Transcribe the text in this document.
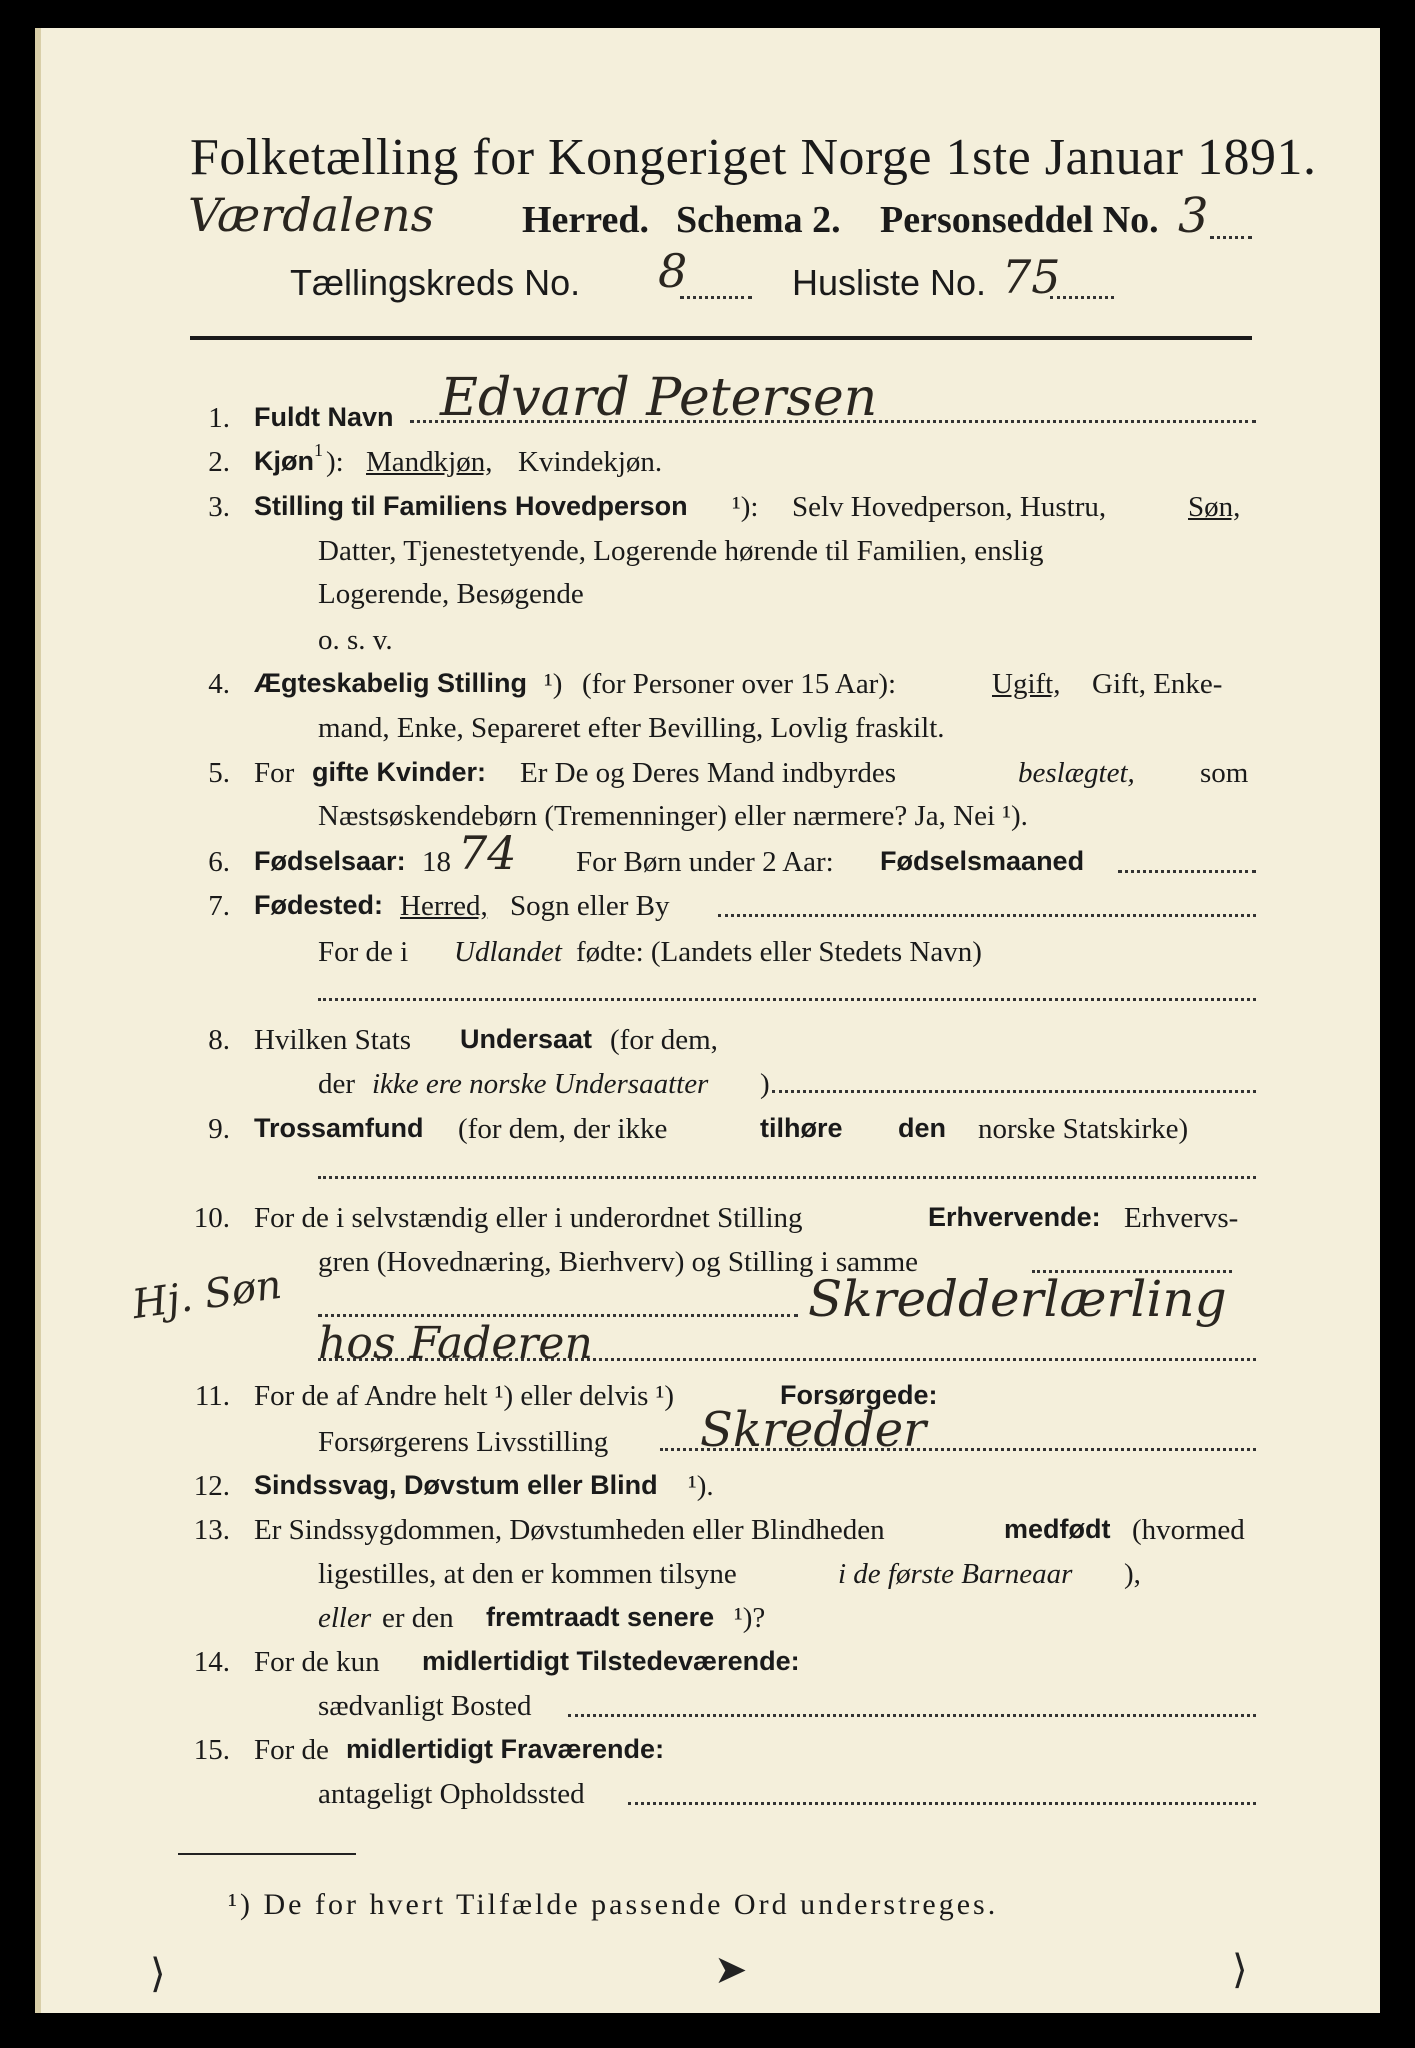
Folketælling for Kongeriget Norge 1ste Januar 1891.
Værdalens Herred. Schema 2. Personseddel No. 3
Tællingskreds No. 8	Husliste No. 75
1. Fuldt Navn Edvard Petersen
2. Kjøn 1 ): Mandkjøn, Kvindekjøn.
3. Stilling til Familiens Hovedperson ¹): Selv Hovedperson, Hustru,	Søn,
Datter, Tjenestetyende, Logerende hørende til Familien, enslig
Logerende, Besøgende
o. s. v.
4. Ægteskabelig Stilling ¹) (for Personer over 15 Aar):	Ugift, Gift, Enke-
mand, Enke, Separeret efter Bevilling, Lovlig fraskilt.
5. For gifte Kvinder: Er De og Deres Mand indbyrdes	beslægtet, som
Næstsøskendebørn (Tremenninger) eller nærmere? Ja, Nei ¹).
6. Fødselsaar: 18	For Børn under 2 Aar: Fødselsmaaned
74
7. Fødested: Herred, Sogn eller By
For de i Udlandet fødte: (Landets eller Stedets Navn)
8. Hvilken Stats Undersaat (for dem,
der ikke ere norske Undersaatter )
9. Trossamfund (for dem, der ikke	tilhøre den norske Statskirke)
10. For de i selvstændig eller i underordnet Stilling	Erhvervende: Erhvervs-
gren (Hovednæring, Bierhverv) og Stilling i samme
Hj. Søn	Skredderlærling
hos Faderen
11. For de af Andre helt ¹) eller delvis ¹)	Forsørgede:
Forsørgerens Livsstilling Skredder
12. Sindssvag, Døvstum eller Blind ¹).
13. Er Sindssygdommen, Døvstumheden eller Blindheden	medfødt (hvormed
ligestilles, at den er kommen tilsyne	i de første Barneaar ),
eller er den fremtraadt senere ¹)?
14. For de kun midlertidigt Tilstedeværende:
sædvanligt Bosted
15. For de midlertidigt Fraværende:
antageligt Opholdssted
¹) De for hvert Tilfælde passende Ord understreges.
⟩	➤	⟩
